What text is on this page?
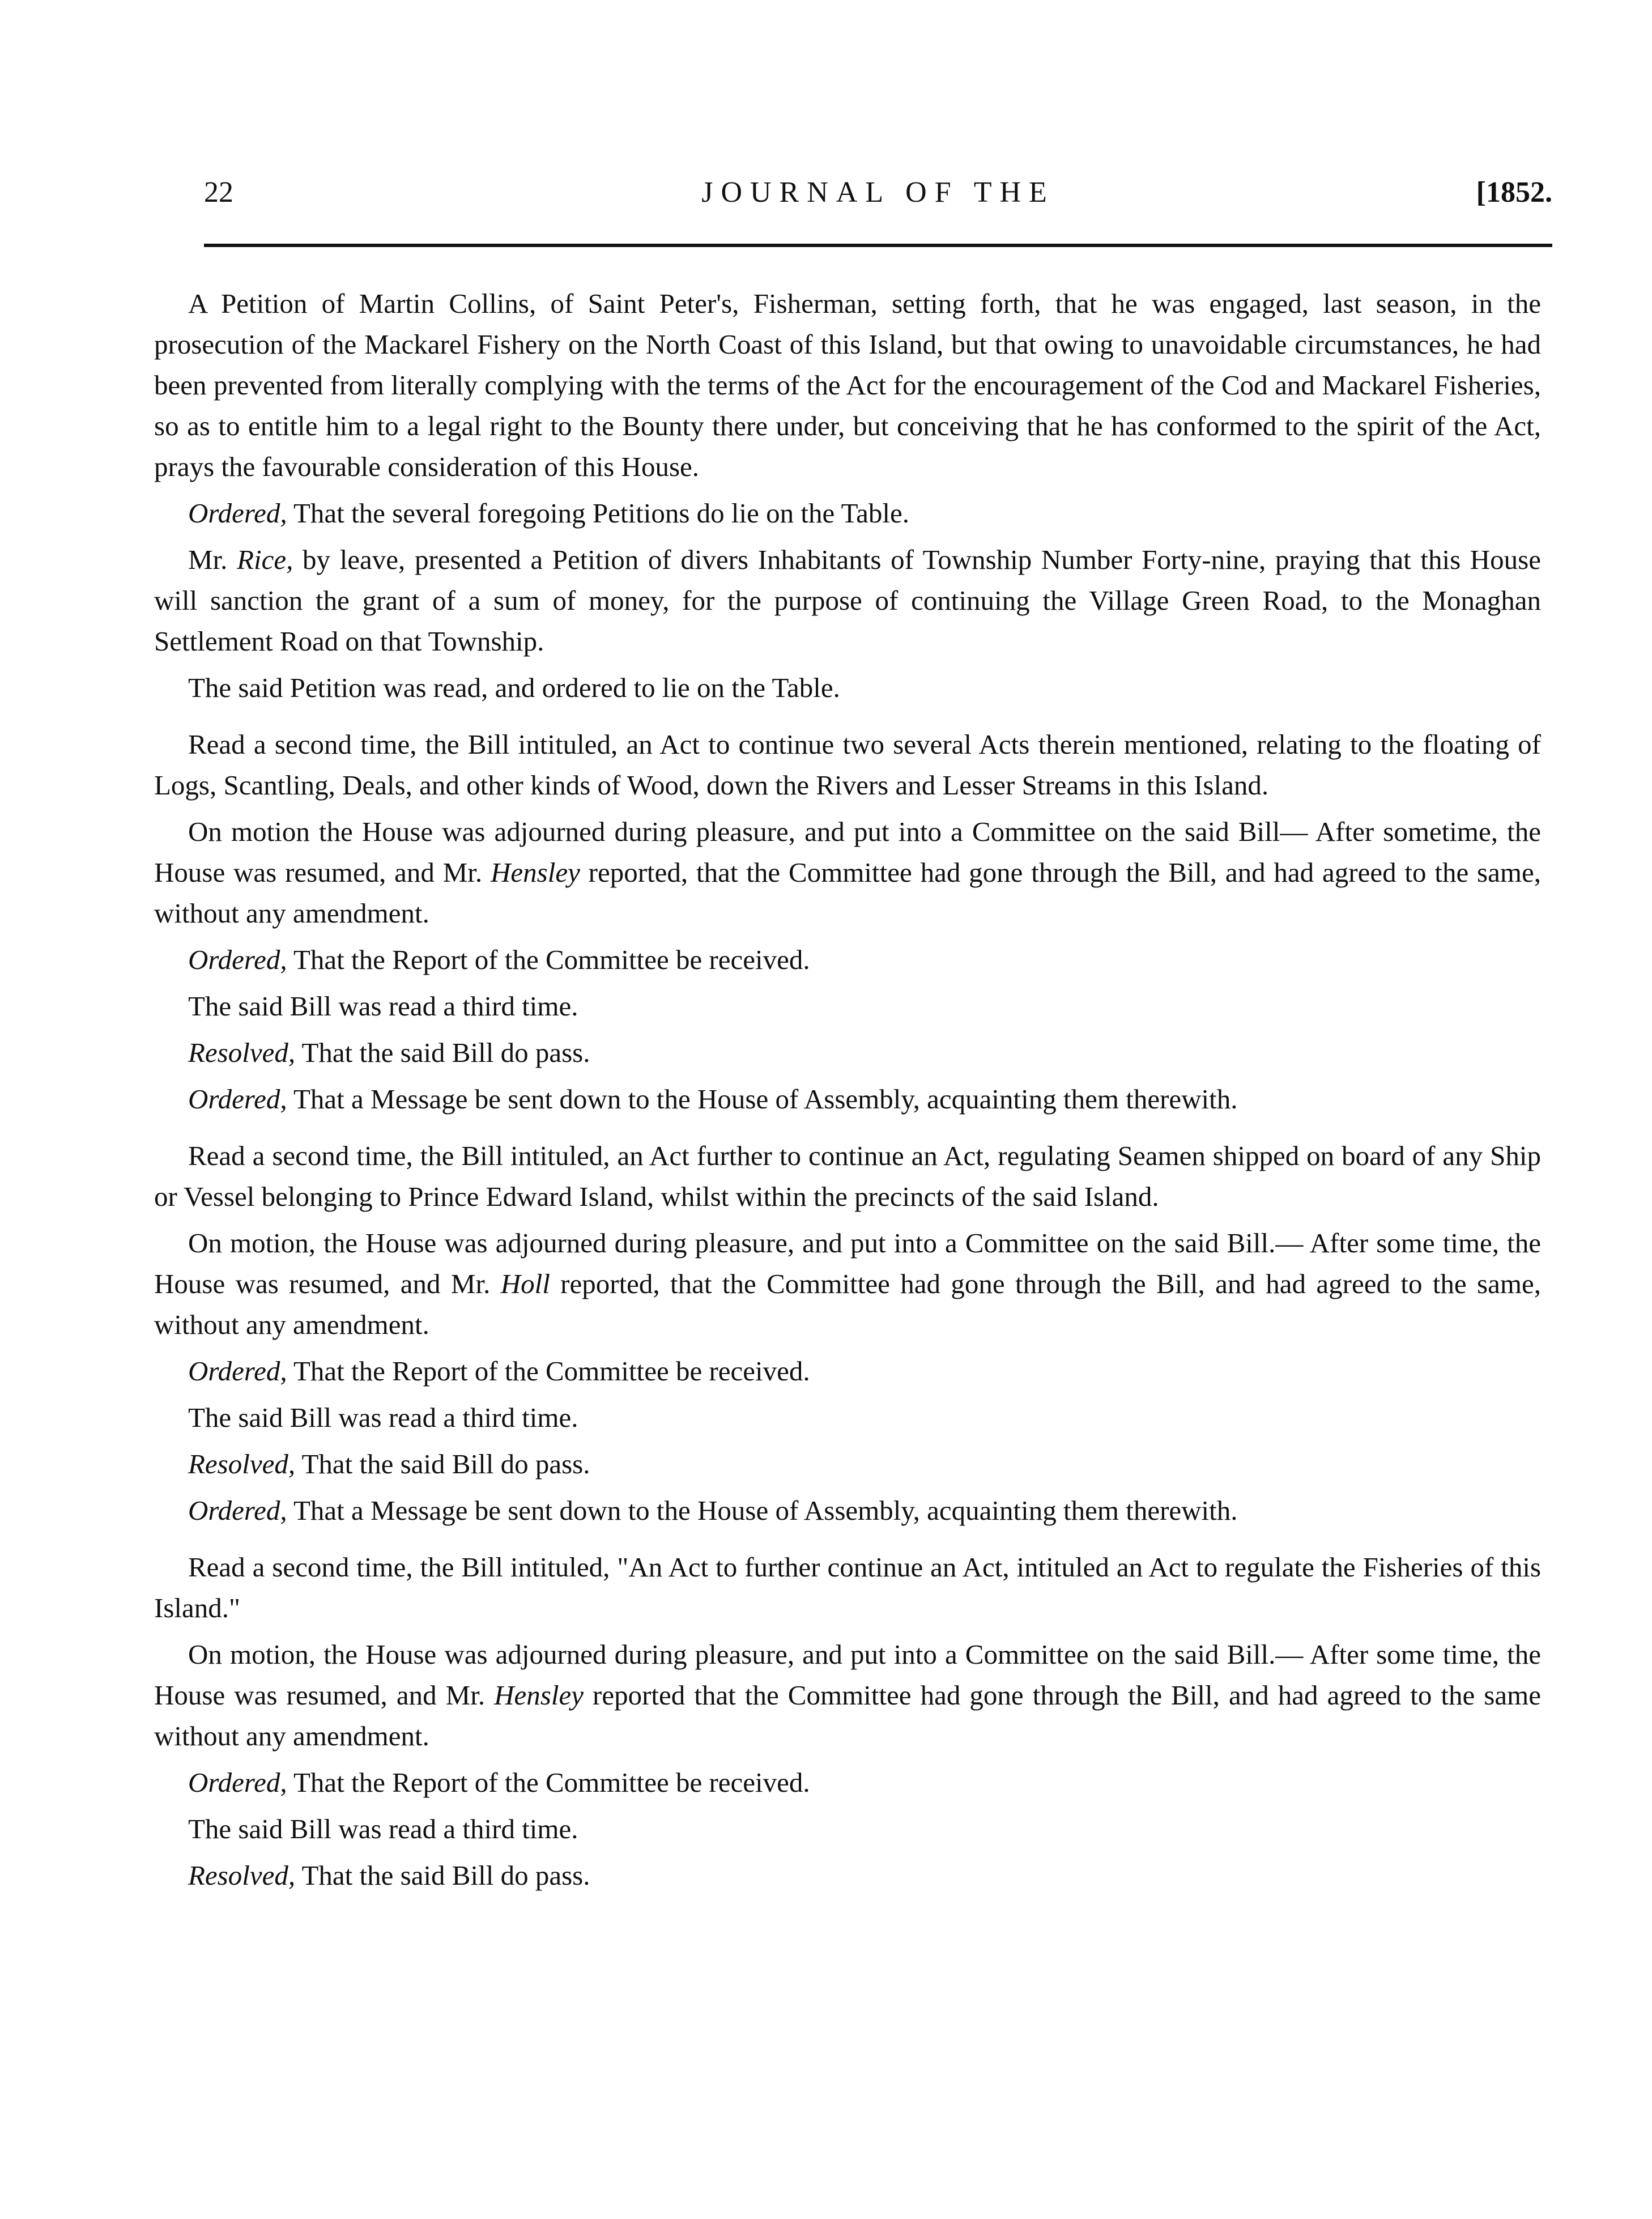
22	JOURNAL OF THE	[1852.

A Petition of Martin Collins, of Saint Peter's, Fisherman, setting forth, that he was engaged, last season, in the prosecution of the Mackarel Fishery on the North Coast of this Island, but that owing to unavoidable circumstances, he had been prevented from literally complying with the terms of the Act for the encouragement of the Cod and Mackarel Fisheries, so as to entitle him to a legal right to the Bounty there under, but conceiving that he has conformed to the spirit of the Act, prays the favourable consideration of this House.

Ordered, That the several foregoing Petitions do lie on the Table.

Mr. Rice, by leave, presented a Petition of divers Inhabitants of Township Number Forty-nine, praying that this House will sanction the grant of a sum of money, for the purpose of continuing the Village Green Road, to the Monaghan Settlement Road on that Township.

The said Petition was read, and ordered to lie on the Table.

Read a second time, the Bill intituled, an Act to continue two several Acts therein mentioned, relating to the floating of Logs, Scantling, Deals, and other kinds of Wood, down the Rivers and Lesser Streams in this Island.

On motion the House was adjourned during pleasure, and put into a Committee on the said Bill— After sometime, the House was resumed, and Mr. Hensley reported, that the Committee had gone through the Bill, and had agreed to the same, without any amendment.

Ordered, That the Report of the Committee be received.

The said Bill was read a third time.

Resolved, That the said Bill do pass.

Ordered, That a Message be sent down to the House of Assembly, acquainting them therewith.

Read a second time, the Bill intituled, an Act further to continue an Act, regulating Seamen shipped on board of any Ship or Vessel belonging to Prince Edward Island, whilst within the precincts of the said Island.

On motion, the House was adjourned during pleasure, and put into a Committee on the said Bill.— After some time, the House was resumed, and Mr. Holl reported, that the Committee had gone through the Bill, and had agreed to the same, without any amendment.

Ordered, That the Report of the Committee be received.

The said Bill was read a third time.

Resolved, That the said Bill do pass.

Ordered, That a Message be sent down to the House of Assembly, acquainting them therewith.

Read a second time, the Bill intituled, "An Act to further continue an Act, intituled an Act to regulate the Fisheries of this Island."

On motion, the House was adjourned during pleasure, and put into a Committee on the said Bill.— After some time, the House was resumed, and Mr. Hensley reported that the Committee had gone through the Bill, and had agreed to the same without any amendment.

Ordered, That the Report of the Committee be received.

The said Bill was read a third time.

Resolved, That the said Bill do pass.
